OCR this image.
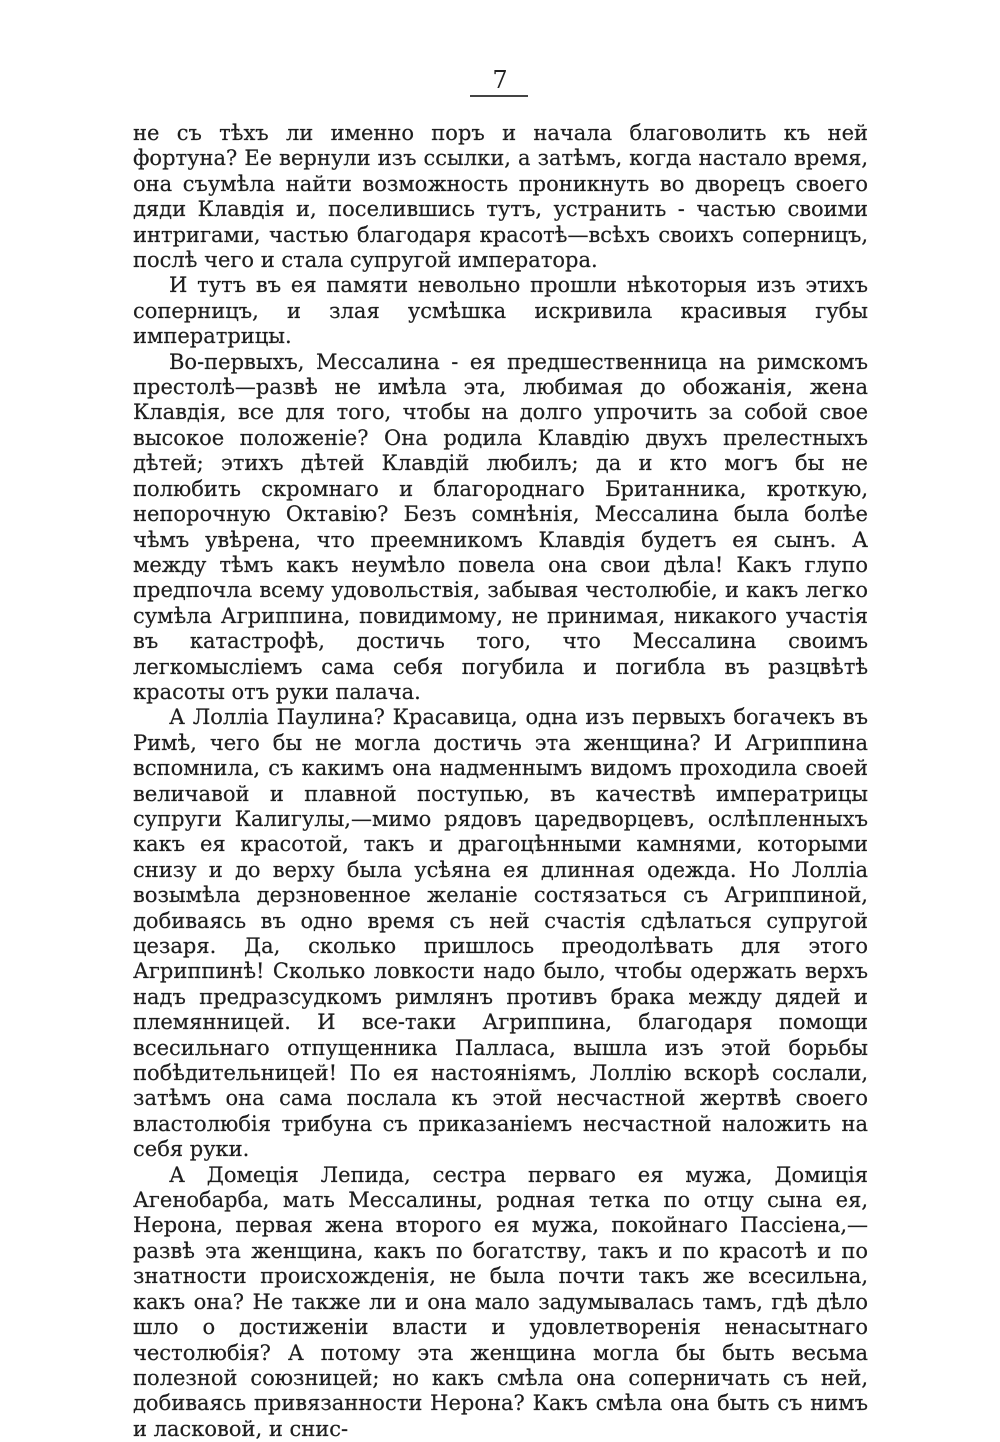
7

не съ тѣхъ ли именно поръ и начала благоволить къ ней фортуна? Ее вернули изъ ссылки, а затѣмъ, когда настало время, она съумѣла найти возможность проникнуть во дворецъ своего дяди Клавдія и, поселившись тутъ, устранить - частью своими интригами, частью благодаря красотѣ—всѣхъ своихъ соперницъ, послѣ чего и стала супругой императора.

И тутъ въ ея памяти невольно прошли нѣкоторыя изъ этихъ соперницъ, и злая усмѣшка искривила красивыя губы императрицы.

Во-первыхъ, Мессалина - ея предшественница на римскомъ престолѣ—развѣ не имѣла эта, любимая до обожанія, жена Клавдія, все для того, чтобы на долго упрочить за собой свое высокое положеніе? Она родила Клавдію двухъ прелестныхъ дѣтей; этихъ дѣтей Клавдій любилъ; да и кто могъ бы не полюбить скромнаго и благороднаго Британника, кроткую, непорочную Октавію? Безъ сомнѣнія, Мессалина была болѣе чѣмъ увѣрена, что преемникомъ Клавдія будетъ ея сынъ. А между тѣмъ какъ неумѣло повела она свои дѣла! Какъ глупо предпочла всему удовольствія, забывая честолюбіе, и какъ легко сумѣла Агриппина, повидимому, не принимая, никакого участія въ катастрофѣ, достичь того, что Мессалина своимъ легкомысліемъ сама себя погубила и погибла въ разцвѣтѣ красоты отъ руки палача.

А Лолліа Паулина? Красавица, одна изъ первыхъ богачекъ въ Римѣ, чего бы не могла достичь эта женщина? И Агриппина вспомнила, съ какимъ она надменнымъ видомъ проходила своей величавой и плавной поступью, въ качествѣ императрицы супруги Калигулы,—мимо рядовъ царедворцевъ, ослѣпленныхъ какъ ея красотой, такъ и драгоцѣнными камнями, которыми снизу и до верху была усѣяна ея длинная одежда. Но Лолліа возымѣла дерзновенное желаніе состязаться съ Агриппиной, добиваясь въ одно время съ ней счастія сдѣлаться супругой цезаря. Да, сколько пришлось преодолѣвать для этого Агриппинѣ! Сколько ловкости надо было, чтобы одержать верхъ надъ предразсудкомъ римлянъ противъ брака между дядей и племянницей. И все-таки Агриппина, благодаря помощи всесильнаго отпущенника Палласа, вышла изъ этой борьбы побѣдительницей! По ея настояніямъ, Лоллію вскорѣ сослали, затѣмъ она сама послала къ этой несчастной жертвѣ своего властолюбія трибуна съ приказаніемъ несчастной наложить на себя руки.

А Домеція Лепида, сестра перваго ея мужа, Домиція Агенобарба, мать Мессалины, родная тетка по отцу сына ея, Нерона, первая жена второго ея мужа, покойнаго Пассіена,—развѣ эта женщина, какъ по богатству, такъ и по красотѣ и по знатности происхожденія, не была почти такъ же всесильна, какъ она? Не также ли и она мало задумывалась тамъ, гдѣ дѣло шло о достиженіи власти и удовлетворенія ненасытнаго честолюбія? А потому эта женщина могла бы быть весьма полезной союзницей; но какъ смѣла она соперничать съ ней, добиваясь привязанности Нерона? Какъ смѣла она быть съ нимъ и ласковой, и снис-
